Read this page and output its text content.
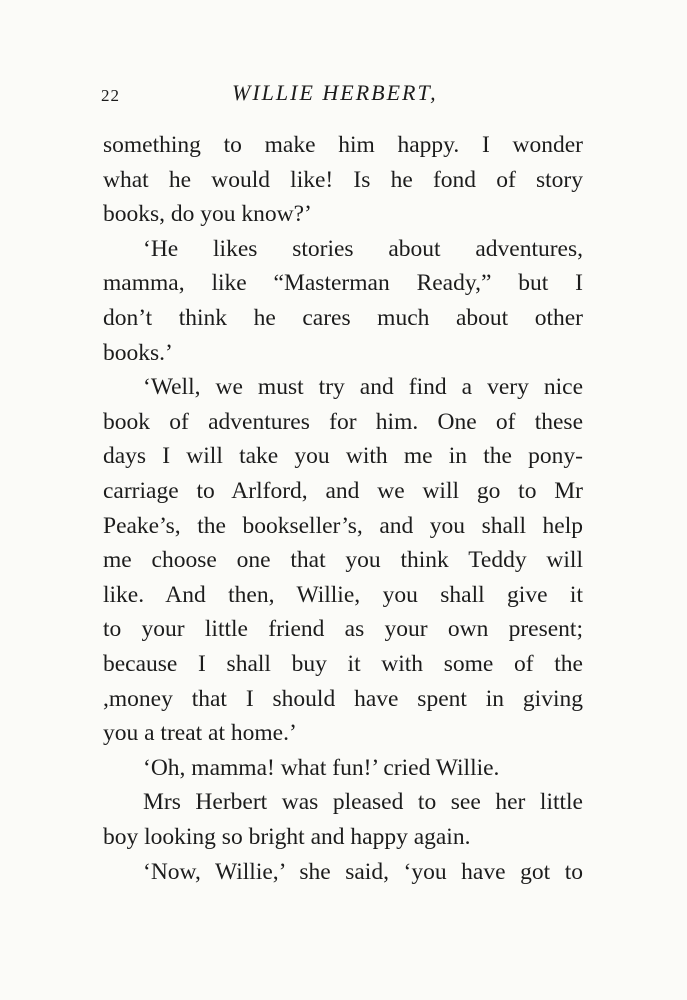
22	WILLIE HERBERT,
something to make him happy. I wonder
what he would like! Is he fond of story
books, do you know?’
‘He likes stories about adventures,
mamma, like “Masterman Ready,” but I
don’t think he cares much about other
books.’
‘Well, we must try and find a very nice
book of adventures for him. One of these
days I will take you with me in the pony-
carriage to Arlford, and we will go to Mr
Peake’s, the bookseller’s, and you shall help
me choose one that you think Teddy will
like. And then, Willie, you shall give it
to your little friend as your own present;
because I shall buy it with some of the
,money that I should have spent in giving
you a treat at home.’
‘Oh, mamma! what fun!’ cried Willie.
Mrs Herbert was pleased to see her little
boy looking so bright and happy again.
‘Now, Willie,’ she said, ‘you have got to
